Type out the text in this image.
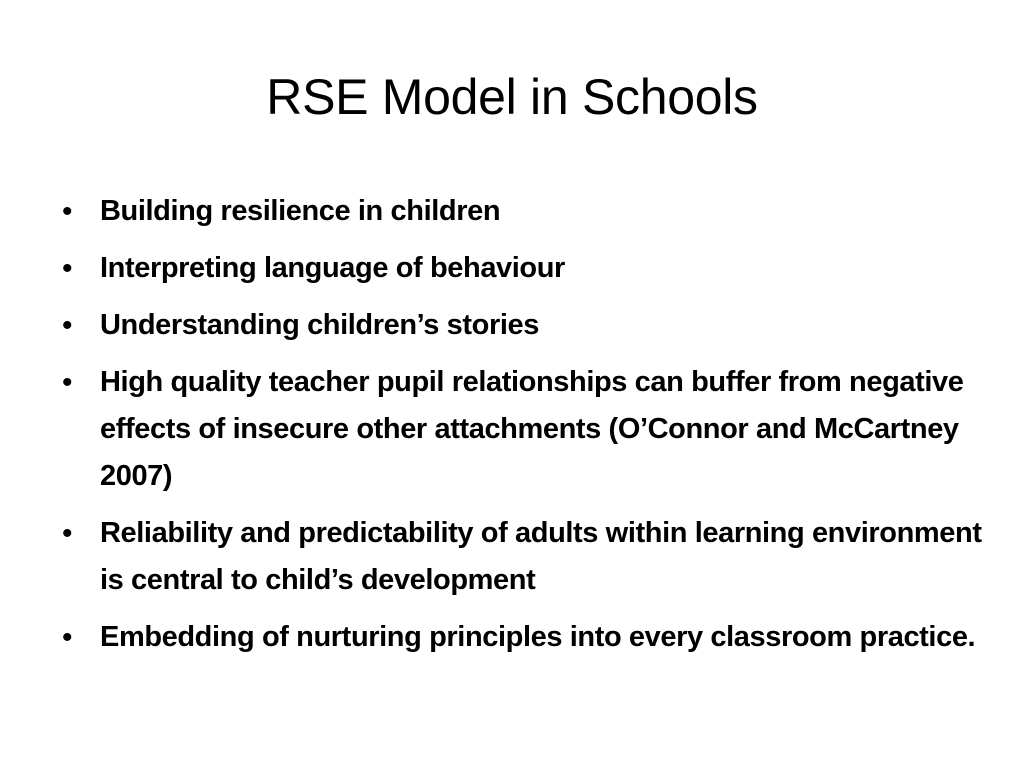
RSE Model in Schools
• Building resilience in children
• Interpreting language of behaviour
• Understanding children’s stories
• High quality teacher pupil relationships can buffer from negative effects of insecure other attachments (O’Connor and McCartney 2007)
• Reliability and predictability of adults within learning environment is central to child’s development
• Embedding of nurturing principles into every classroom practice.
